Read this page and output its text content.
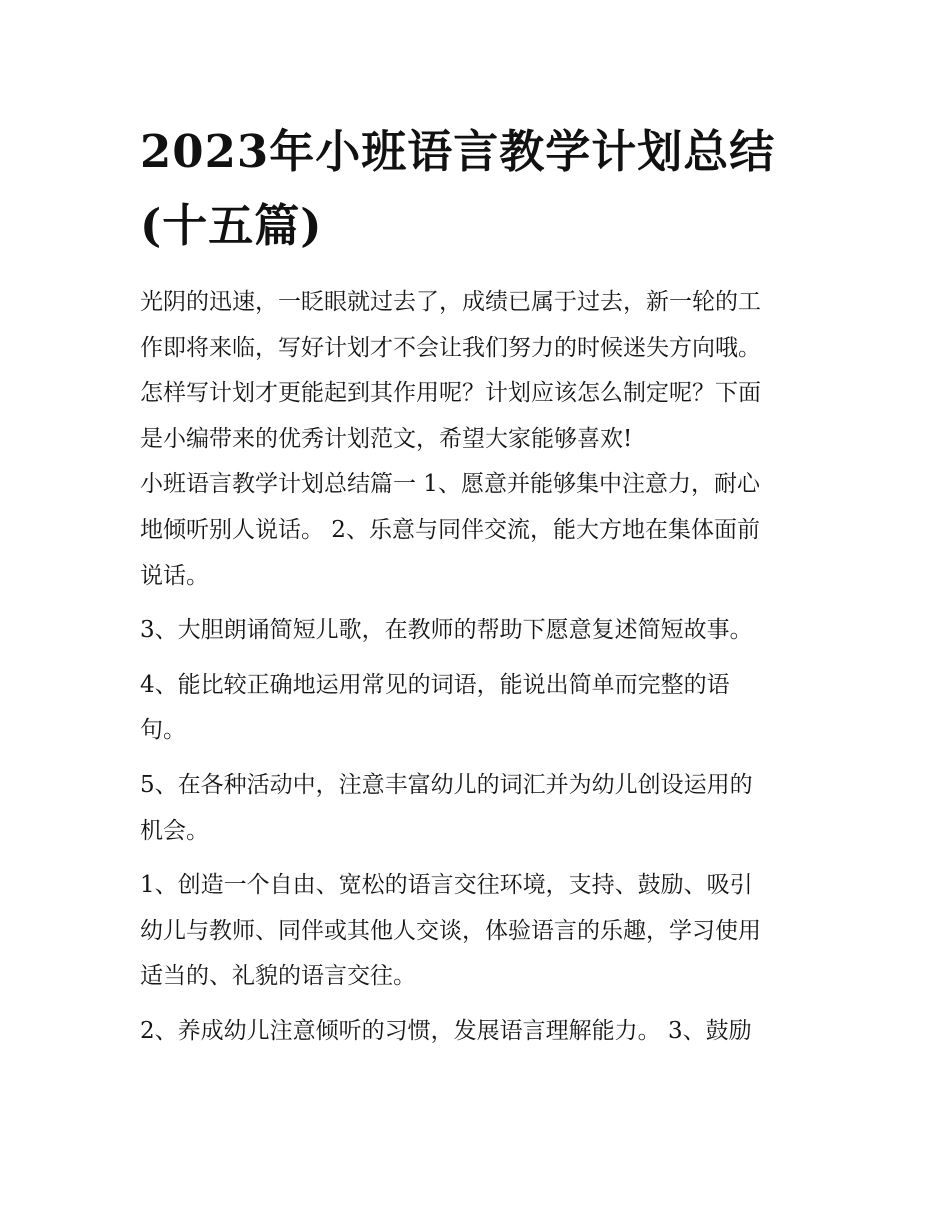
2023年小班语言教学计划总结
(十五篇)
光阴的迅速，一眨眼就过去了，成绩已属于过去，新一轮的工
作即将来临，写好计划才不会让我们努力的时候迷失方向哦。
怎样写计划才更能起到其作用呢？计划应该怎么制定呢？下面
是小编带来的优秀计划范文，希望大家能够喜欢!
小班语言教学计划总结篇一 1、愿意并能够集中注意力，耐心
地倾听别人说话。 2、乐意与同伴交流，能大方地在集体面前
说话。
3、大胆朗诵简短儿歌，在教师的帮助下愿意复述简短故事。
4、能比较正确地运用常见的词语，能说出简单而完整的语
句。
5、在各种活动中，注意丰富幼儿的词汇并为幼儿创设运用的
机会。
1、创造一个自由、宽松的语言交往环境，支持、鼓励、吸引
幼儿与教师、同伴或其他人交谈，体验语言的乐趣，学习使用
适当的、礼貌的语言交往。
2、养成幼儿注意倾听的习惯，发展语言理解能力。 3、鼓励
